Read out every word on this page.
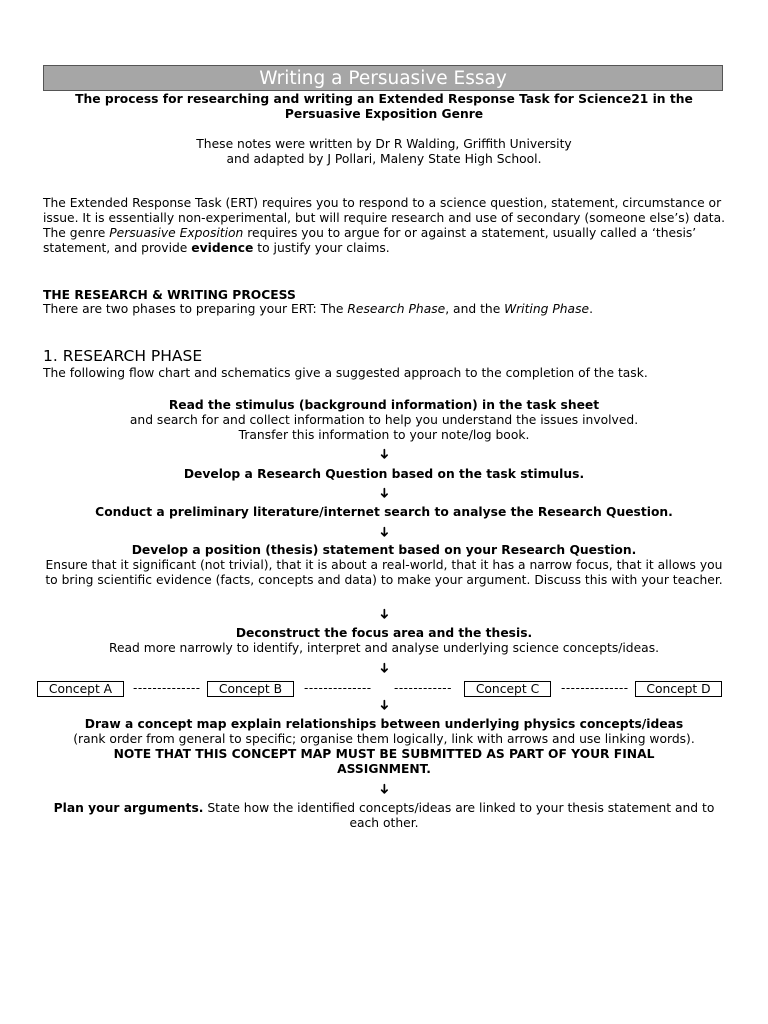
Writing a Persuasive Essay

The process for researching and writing an Extended Response Task for Science21 in the Persuasive Exposition Genre

These notes were written by Dr R Walding, Griffith University

and adapted by J Pollari, Maleny State High School.

The Extended Response Task (ERT) requires you to respond to a science question, statement, circumstance or issue. It is essentially non-experimental, but will require research and use of secondary (someone else’s) data. The genre Persuasive Exposition requires you to argue for or against a statement, usually called a ‘thesis’ statement, and provide evidence to justify your claims.

THE RESEARCH & WRITING PROCESS

There are two phases to preparing your ERT: The Research Phase, and the Writing Phase.

1. RESEARCH PHASE

The following flow chart and schematics give a suggested approach to the completion of the task.

Read the stimulus (background information) in the task sheet

and search for and collect information to help you understand the issues involved.

Transfer this information to your note/log book.

➜

Develop a Research Question based on the task stimulus.

➜

Conduct a preliminary literature/internet search to analyse the Research Question.

➜

Develop a position (thesis) statement based on your Research Question.

Ensure that it significant (not trivial), that it is about a real-world, that it has a narrow focus, that it allows you to bring scientific evidence (facts, concepts and data) to make your argument. Discuss this with your teacher.

➜

Deconstruct the focus area and the thesis.

Read more narrowly to identify, interpret and analyse underlying science concepts/ideas.

➜
Concept A	--------------	Concept B	-------------- ------------	Concept C	--------------	Concept D
➜

Draw a concept map explain relationships between underlying physics concepts/ideas

(rank order from general to specific; organise them logically, link with arrows and use linking words).

NOTE THAT THIS CONCEPT MAP MUST BE SUBMITTED AS PART OF YOUR FINAL ASSIGNMENT.

➜

Plan your arguments. State how the identified concepts/ideas are linked to your thesis statement and to each other.
